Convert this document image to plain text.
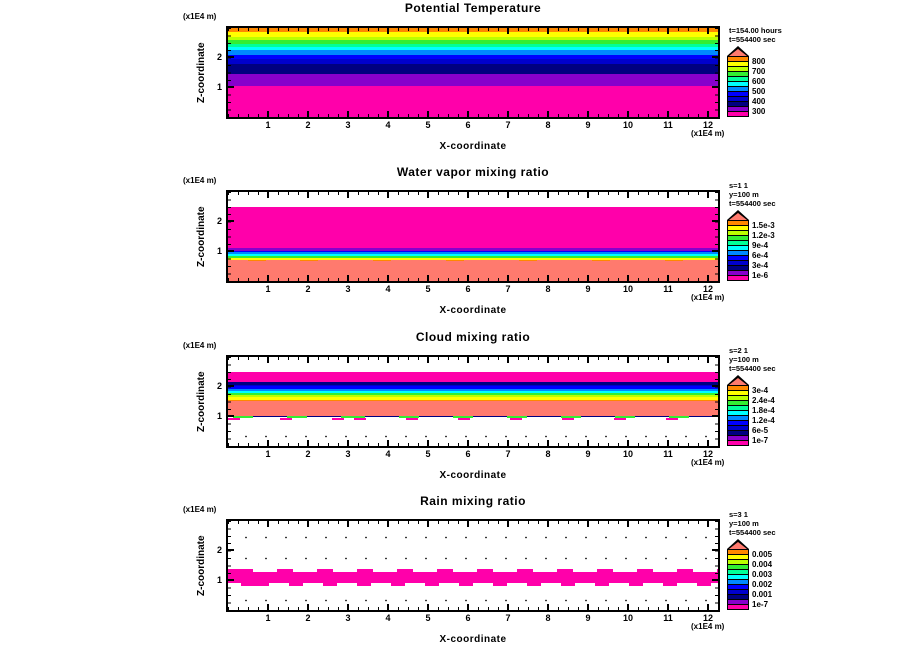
Potential Temperature
(x1E4 m)
Z-coordinate	1
2
1	2	3	4	5	6	7	8	9	10	11	12
(x1E4 m)
X-coordinate
t=154.00 hours
t=554400 sec
800
700
600
500
400
300
Water vapor mixing ratio
(x1E4 m)
Z-coordinate	1
2
1	2	3	4	5	6	7	8	9	10	11	12
(x1E4 m)
X-coordinate
s=1 1
y=100 m
t=554400 sec
1.5e-3
1.2e-3
9e-4
6e-4
3e-4
1e-6
Cloud mixing ratio
(x1E4 m)
Z-coordinate	1
2
1	2	3	4	5	6	7	8	9	10	11	12
(x1E4 m)
X-coordinate
s=2 1
y=100 m
t=554400 sec
3e-4
2.4e-4
1.8e-4
1.2e-4
6e-5
1e-7
Rain mixing ratio
(x1E4 m)
Z-coordinate	1
2
1	2	3	4	5	6	7	8	9	10	11	12
(x1E4 m)
X-coordinate
s=3 1
y=100 m
t=554400 sec
0.005
0.004
0.003
0.002
0.001
1e-7
